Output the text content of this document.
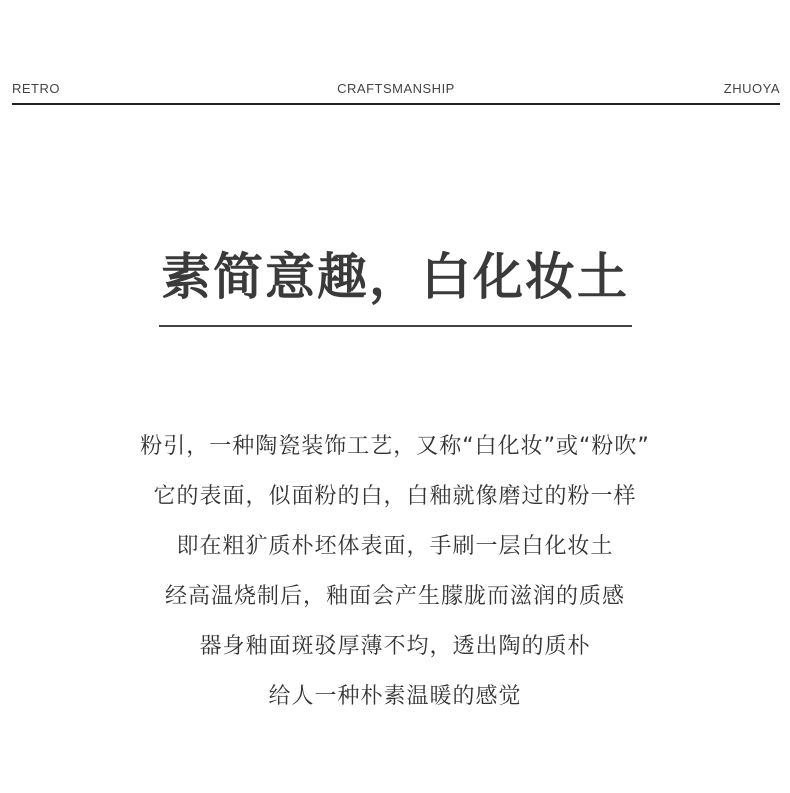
RETRO	CRAFTSMANSHIP	ZHUOYA
素简意趣，白化妆土
粉引，一种陶瓷装饰工艺，又称“白化妆”或“粉吹”
它的表面，似面粉的白，白釉就像磨过的粉一样
即在粗犷质朴坯体表面，手刷一层白化妆土
经高温烧制后，釉面会产生朦胧而滋润的质感
器身釉面斑驳厚薄不均，透出陶的质朴
给人一种朴素温暖的感觉
